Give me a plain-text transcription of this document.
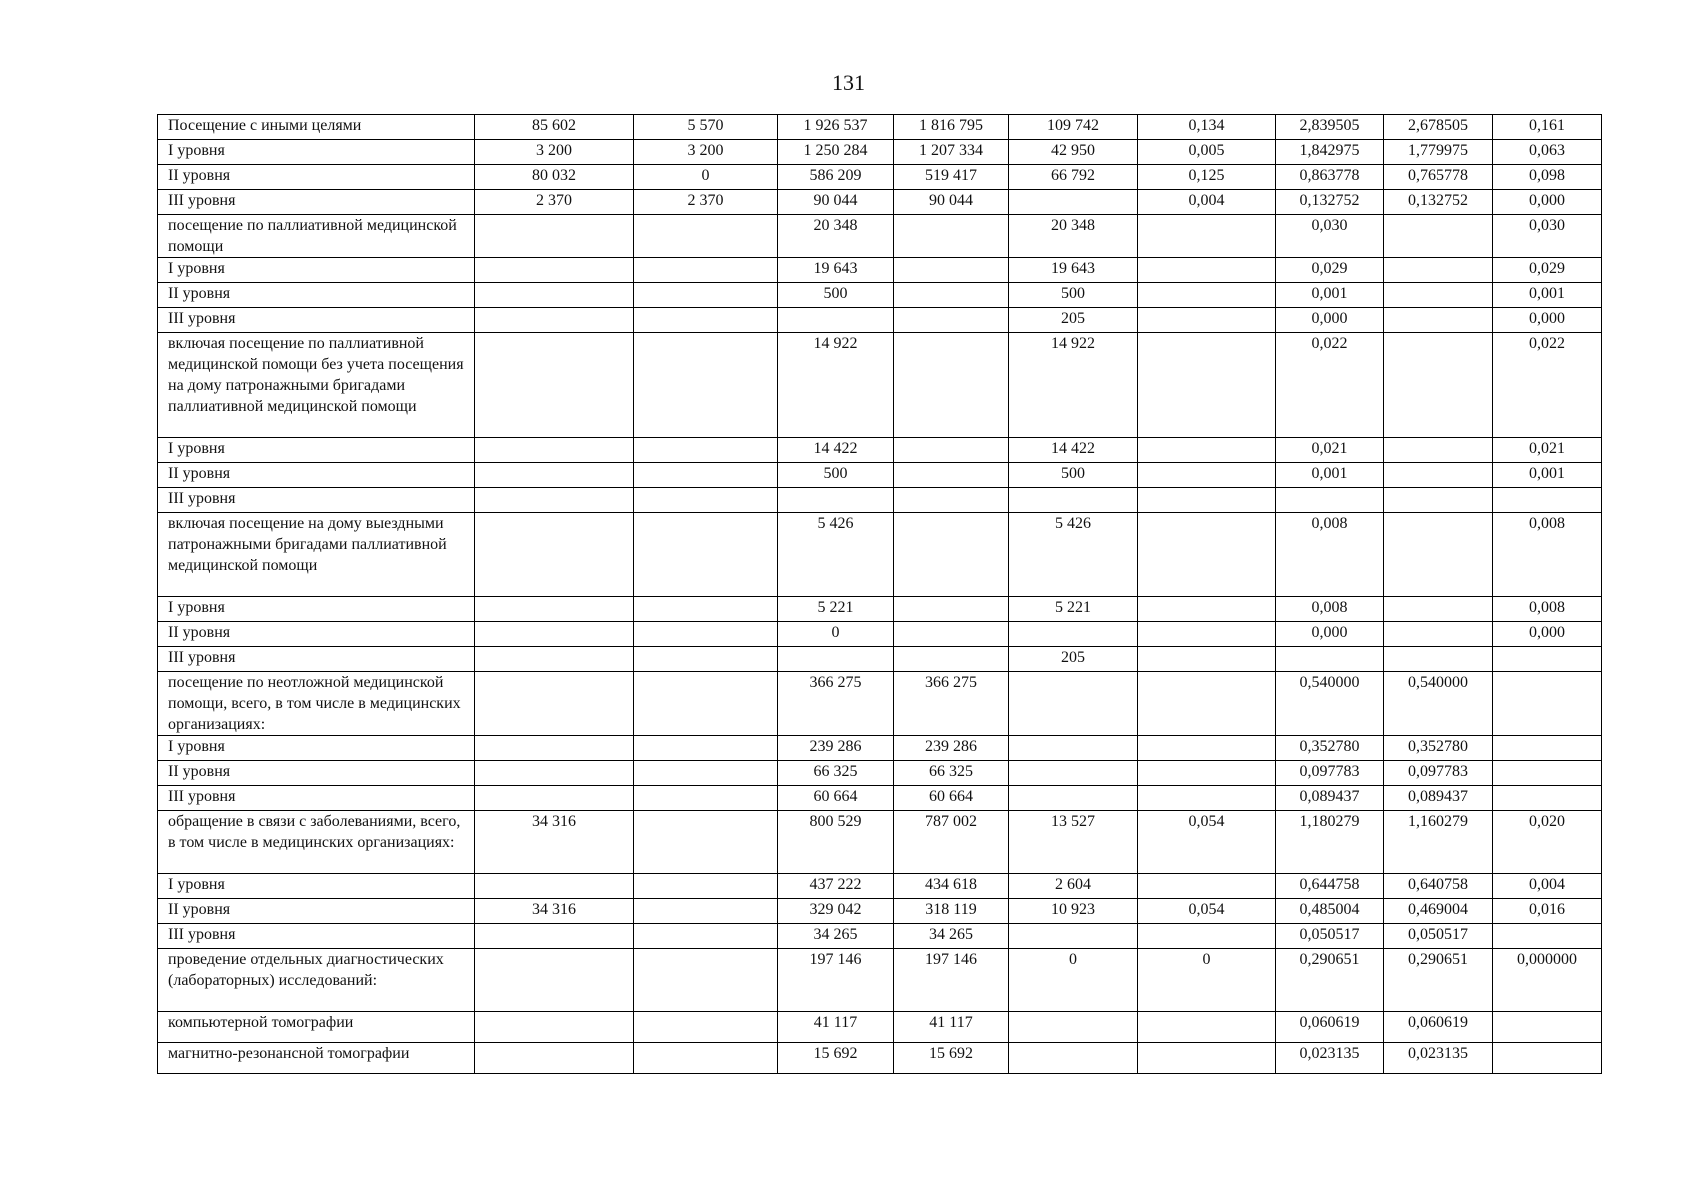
131
Посещение с иными целями	85 602	5 570	1 926 537	1 816 795	109 742	0,134	2,839505	2,678505	0,161
I уровня	3 200	3 200	1 250 284	1 207 334	42 950	0,005	1,842975	1,779975	0,063
II уровня	80 032	0	586 209	519 417	66 792	0,125	0,863778	0,765778	0,098
III уровня	2 370	2 370	90 044	90 044		0,004	0,132752	0,132752	0,000
посещение по паллиативной медицинской помощи			20 348		20 348		0,030		0,030
I уровня			19 643		19 643		0,029		0,029
II уровня			500		500		0,001		0,001
III уровня					205		0,000		0,000
включая посещение по паллиативной медицинской помощи без учета посещения на дому патронажными бригадами паллиативной медицинской помощи			14 922		14 922		0,022		0,022
I уровня			14 422		14 422		0,021		0,021
II уровня			500		500		0,001		0,001
III уровня									
включая посещение на дому выездными патронажными бригадами паллиативной медицинской помощи			5 426		5 426		0,008		0,008
I уровня			5 221		5 221		0,008		0,008
II уровня			0				0,000		0,000
III уровня					205				
посещение по неотложной медицинской помощи, всего, в том числе в медицинских организациях:			366 275	366 275			0,540000	0,540000	
I уровня			239 286	239 286			0,352780	0,352780	
II уровня			66 325	66 325			0,097783	0,097783	
III уровня			60 664	60 664			0,089437	0,089437	
обращение в связи с заболеваниями, всего, в том числе в медицинских организациях:	34 316		800 529	787 002	13 527	0,054	1,180279	1,160279	0,020
I уровня			437 222	434 618	2 604		0,644758	0,640758	0,004
II уровня	34 316		329 042	318 119	10 923	0,054	0,485004	0,469004	0,016
III уровня			34 265	34 265			0,050517	0,050517	
проведение отдельных диагностических (лабораторных) исследований:			197 146	197 146	0	0	0,290651	0,290651	0,000000
компьютерной томографии			41 117	41 117			0,060619	0,060619	
магнитно-резонансной томографии			15 692	15 692			0,023135	0,023135	
